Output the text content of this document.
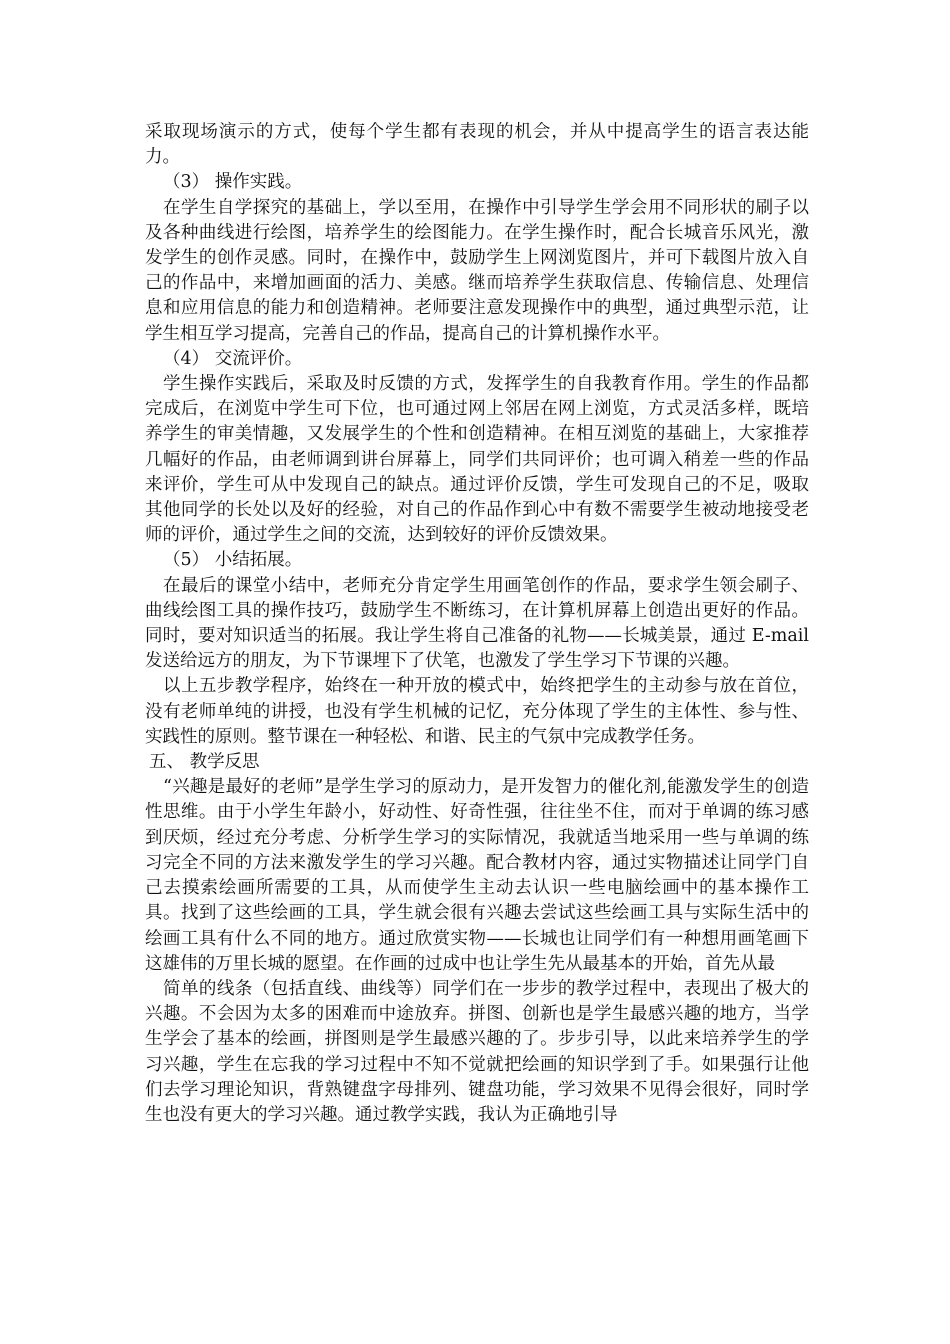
采取现场演示的方式，使每个学生都有表现的机会，并从中提高学生的语言表达能力。

（3） 操作实践。

在学生自学探究的基础上，学以至用，在操作中引导学生学会用不同形状的刷子以及各种曲线进行绘图，培养学生的绘图能力。在学生操作时，配合长城音乐风光，激发学生的创作灵感。同时，在操作中，鼓励学生上网浏览图片，并可下载图片放入自己的作品中，来增加画面的活力、美感。继而培养学生获取信息、传输信息、处理信息和应用信息的能力和创造精神。老师要注意发现操作中的典型，通过典型示范，让学生相互学习提高，完善自己的作品，提高自己的计算机操作水平。

（4） 交流评价。

学生操作实践后，采取及时反馈的方式，发挥学生的自我教育作用。学生的作品都完成后，在浏览中学生可下位，也可通过网上邻居在网上浏览，方式灵活多样，既培养学生的审美情趣，又发展学生的个性和创造精神。在相互浏览的基础上，大家推荐几幅好的作品，由老师调到讲台屏幕上，同学们共同评价；也可调入稍差一些的作品来评价，学生可从中发现自己的缺点。通过评价反馈，学生可发现自己的不足，吸取其他同学的长处以及好的经验，对自己的作品作到心中有数不需要学生被动地接受老师的评价，通过学生之间的交流，达到较好的评价反馈效果。

（5） 小结拓展。

在最后的课堂小结中，老师充分肯定学生用画笔创作的作品，要求学生领会刷子、曲线绘图工具的操作技巧，鼓励学生不断练习，在计算机屏幕上创造出更好的作品。同时，要对知识适当的拓展。我让学生将自己准备的礼物——长城美景，通过 E-mail 发送给远方的朋友，为下节课埋下了伏笔，也激发了学生学习下节课的兴趣。

以上五步教学程序，始终在一种开放的模式中，始终把学生的主动参与放在首位，没有老师单纯的讲授，也没有学生机械的记忆，充分体现了学生的主体性、参与性、实践性的原则。整节课在一种轻松、和谐、民主的气氛中完成教学任务。

五、 教学反思

“兴趣是最好的老师”是学生学习的原动力，是开发智力的催化剂,能激发学生的创造性思维。由于小学生年龄小，好动性、好奇性强，往往坐不住，而对于单调的练习感到厌烦，经过充分考虑、分析学生学习的实际情况，我就适当地采用一些与单调的练习完全不同的方法来激发学生的学习兴趣。配合教材内容，通过实物描述让同学门自己去摸索绘画所需要的工具，从而使学生主动去认识一些电脑绘画中的基本操作工具。找到了这些绘画的工具，学生就会很有兴趣去尝试这些绘画工具与实际生活中的绘画工具有什么不同的地方。通过欣赏实物——长城也让同学们有一种想用画笔画下这雄伟的万里长城的愿望。在作画的过成中也让学生先从最基本的开始，首先从最

简单的线条（包括直线、曲线等）同学们在一步步的教学过程中，表现出了极大的兴趣。不会因为太多的困难而中途放弃。拼图、创新也是学生最感兴趣的地方，当学生学会了基本的绘画，拼图则是学生最感兴趣的了。步步引导，以此来培养学生的学习兴趣，学生在忘我的学习过程中不知不觉就把绘画的知识学到了手。如果强行让他们去学习理论知识，背熟键盘字母排列、键盘功能，学习效果不见得会很好，同时学生也没有更大的学习兴趣。通过教学实践，我认为正确地引导
